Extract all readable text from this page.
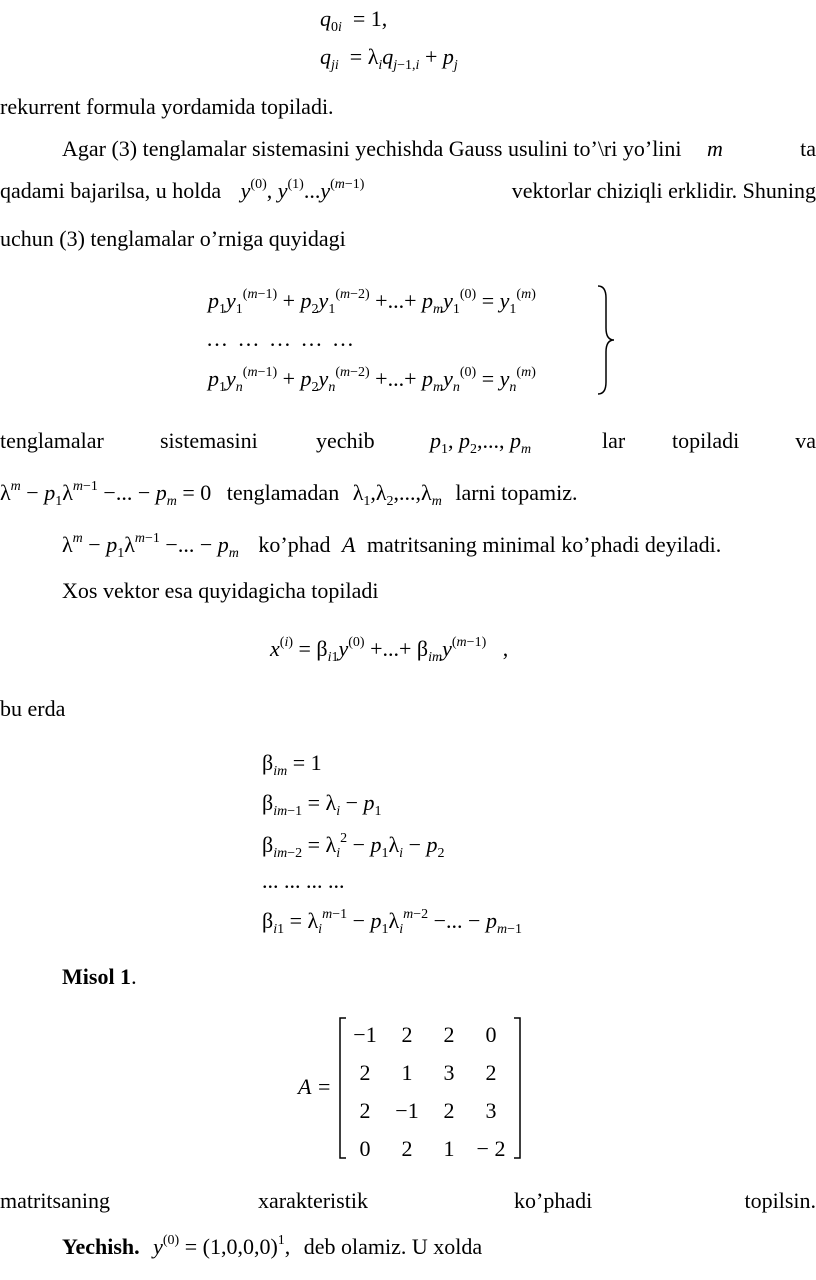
$q_{0i} = 1$,
$q_{ji} = \lambda_iq_{j-1,i} + p_j$
rekurrent formula yordamida topiladi.
Agar (3) tenglamalar sistemasini yechishda Gauss usulini to’\ri yo’lini m	ta
qadami bajarilsa, u holda $y^{(0)}$, $y^{(1)}...y^{(m-1)}$	vektorlar chiziqli erklidir. Shuning
uchun (3) tenglamalar o’rniga quyidagi
$p_1y_1^{(m-1)} + p_2y_1^{(m-2)}$ +...+ $p_my_1^{(0)} = y_1^{(m)}$
… … … … …
$p_1y_n^{(m-1)} + p_2y_n^{(m-2)}$ +...+ $p_my_n^{(0)} = y_n^{(m)}$
tenglamalar	sistemasini	yechib	$p_1$, $p_2$,..., $p_m$	lar topiladi	va
$\lambda^m - p_1\lambda^{m-1}$ −... − $p_m = 0$ tenglamadan $\lambda_1,\lambda_2,...,\lambda_m$ larni topamiz.
$\lambda^m - p_1\lambda^{m-1}$ −... − $p_m$ ko’phad A matritsaning minimal ko’phadi deyiladi.
Xos vektor esa quyidagicha topiladi
$x^{(i)} = \beta_{i1}y^{(0)}$ +...+ $\beta_{im}y^{(m-1)}$   ,
bu erda
$\beta_{im} = 1$
$\beta_{im-1} = \lambda_i - p_1$
$\beta_{im-2} = \lambda_i^2 - p_1\lambda_i - p_2$
... ... ... ...
$\beta_{i1} = \lambda_i^{m-1} - p_1\lambda_i^{m-2}$ −... − $p_{m-1}$
Misol 1.
A =
−1	2	2	0
2	1	3	2
2	−1	2	3
0	2	1	− 2
matritsaning	xarakteristik	ko’phadi	topilsin.
Yechish. $y^{(0)} = (1,0,0,0)^1$, deb olamiz. U xolda
